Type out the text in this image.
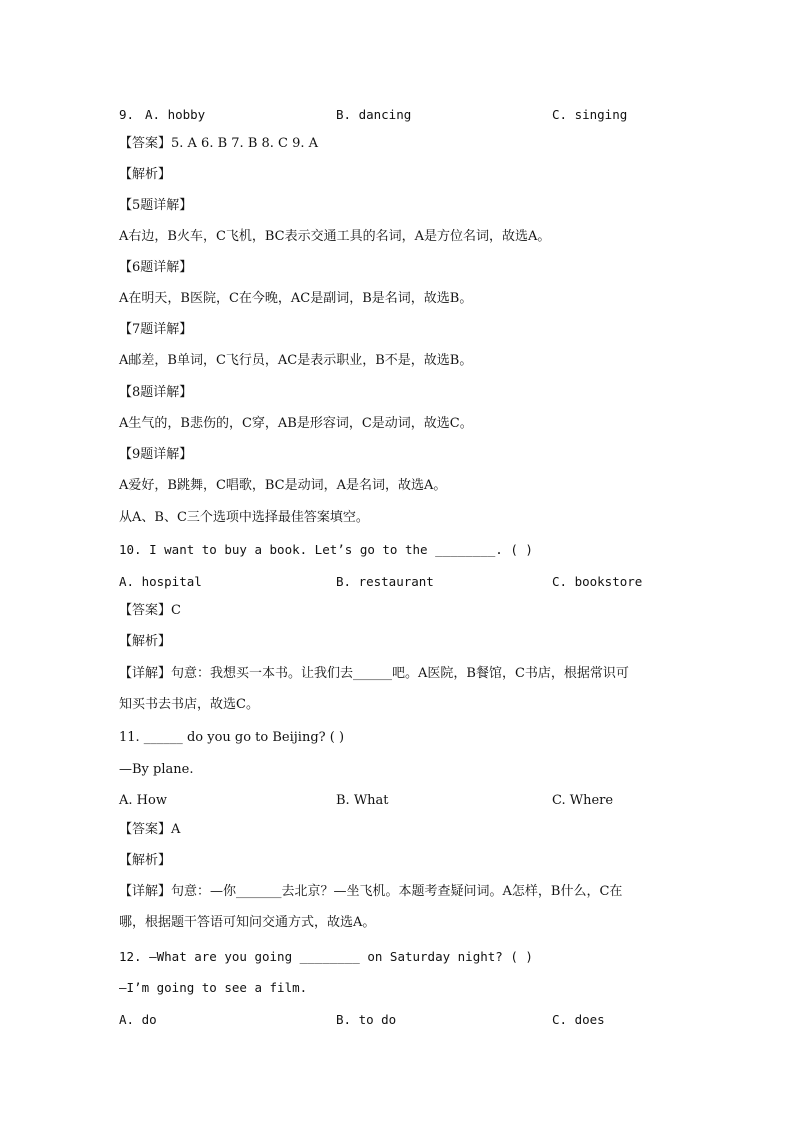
A. hobby
9.	B. dancing	C. singing
【答案】5. A 6. B 7. B 8. C 9. A
【解析】
【5题详解】
A右边，B火车，C飞机，BC表示交通工具的名词，A是方位名词，故选A。
【6题详解】
A在明天，B医院，C在今晚，AC是副词，B是名词，故选B。
【7题详解】
A邮差，B单词，C飞行员，AC是表示职业，B不是，故选B。
【8题详解】
A生气的，B悲伤的，C穿，AB是形容词，C是动词，故选C。
【9题详解】
A爱好，B跳舞，C唱歌，BC是动词，A是名词，故选A。
从A、B、C三个选项中选择最佳答案填空。
10. I want to buy a book. Let’s go to the ________. ( )
A. hospital	B. restaurant	C. bookstore
【答案】C
【解析】
【详解】句意：我想买一本书。让我们去______吧。A医院，B餐馆，C书店，根据常识可
知买书去书店，故选C。
11. ______ do you go to Beijing? ( )
—By plane.
A. How	B. What	C. Where
【答案】A
【解析】
【详解】句意：—你_______去北京？—坐飞机。本题考查疑问词。A怎样，B什么，C在
哪，根据题干答语可知问交通方式，故选A。
12. —What are you going ________ on Saturday night? ( )
—I’m going to see a film.
A. do	B. to do	C. does
